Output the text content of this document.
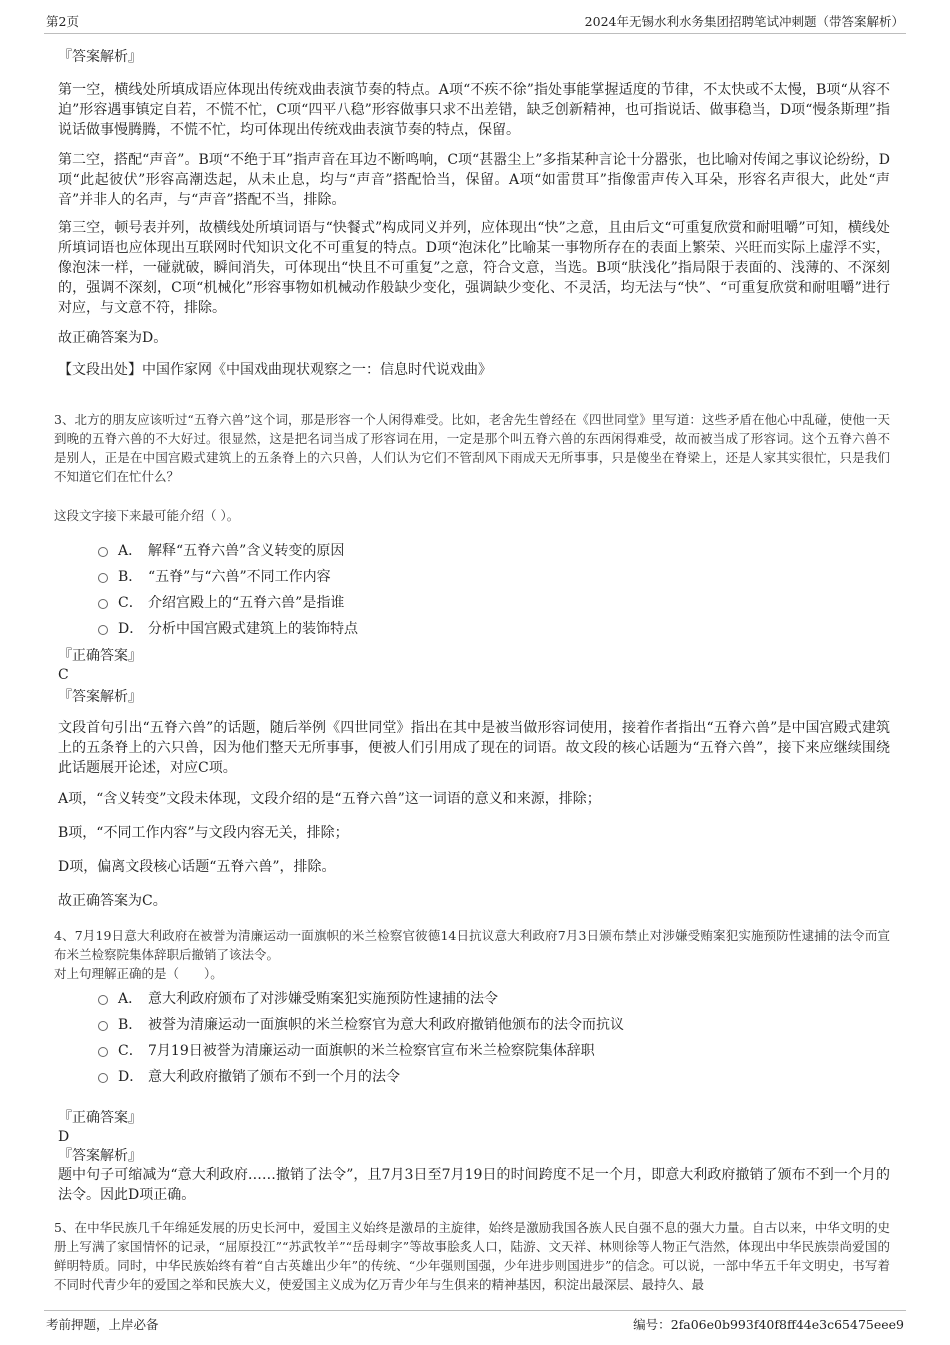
第2页	2024年无锡水利水务集团招聘笔试冲刺题（带答案解析）
『答案解析』
第一空，横线处所填成语应体现出传统戏曲表演节奏的特点。A项“不疾不徐”指处事能掌握适度的节律，不太快或不太慢，B项“从容不迫”形容遇事镇定自若，不慌不忙，C项“四平八稳”形容做事只求不出差错，缺乏创新精神，也可指说话、做事稳当，D项“慢条斯理”指说话做事慢腾腾，不慌不忙，均可体现出传统戏曲表演节奏的特点，保留。
第二空，搭配“声音”。B项“不绝于耳”指声音在耳边不断鸣响，C项“甚嚣尘上”多指某种言论十分嚣张，也比喻对传闻之事议论纷纷，D项“此起彼伏”形容高潮迭起，从未止息，均与“声音”搭配恰当，保留。A项“如雷贯耳”指像雷声传入耳朵，形容名声很大，此处“声音”并非人的名声，与“声音”搭配不当，排除。
第三空，顿号表并列，故横线处所填词语与“快餐式”构成同义并列，应体现出“快”之意，且由后文“可重复欣赏和耐咀嚼”可知，横线处所填词语也应体现出互联网时代知识文化不可重复的特点。D项“泡沫化”比喻某一事物所存在的表面上繁荣、兴旺而实际上虚浮不实，像泡沫一样，一碰就破，瞬间消失，可体现出“快且不可重复”之意，符合文意，当选。B项“肤浅化”指局限于表面的、浅薄的、不深刻的，强调不深刻，C项“机械化”形容事物如机械动作般缺少变化，强调缺少变化、不灵活，均无法与“快”、“可重复欣赏和耐咀嚼”进行对应，与文意不符，排除。
故正确答案为D。
【文段出处】中国作家网《中国戏曲现状观察之一：信息时代说戏曲》
3、北方的朋友应该听过“五脊六兽”这个词，那是形容一个人闲得难受。比如，老舍先生曾经在《四世同堂》里写道：这些矛盾在他心中乱碰，使他一天到晚的五脊六兽的不大好过。很显然，这是把名词当成了形容词在用，一定是那个叫五脊六兽的东西闲得难受，故而被当成了形容词。这个五脊六兽不是别人，正是在中国宫殿式建筑上的五条脊上的六只兽，人们认为它们不管刮风下雨成天无所事事，只是傻坐在脊梁上，还是人家其实很忙，只是我们不知道它们在忙什么？
这段文字接下来最可能介绍（ ）。
A． 解释“五脊六兽”含义转变的原因
B． “五脊”与“六兽”不同工作内容
C． 介绍宫殿上的“五脊六兽”是指谁
D． 分析中国宫殿式建筑上的装饰特点
『正确答案』
C
『答案解析』
文段首句引出“五脊六兽”的话题，随后举例《四世同堂》指出在其中是被当做形容词使用，接着作者指出“五脊六兽”是中国宫殿式建筑上的五条脊上的六只兽，因为他们整天无所事事，便被人们引用成了现在的词语。故文段的核心话题为“五脊六兽”，接下来应继续围绕此话题展开论述，对应C项。
A项，“含义转变”文段未体现，文段介绍的是“五脊六兽”这一词语的意义和来源，排除；
B项，“不同工作内容”与文段内容无关，排除；
D项，偏离文段核心话题“五脊六兽”，排除。
故正确答案为C。
4、7月19日意大利政府在被誉为清廉运动一面旗帜的米兰检察官彼德14日抗议意大利政府7月3日颁布禁止对涉嫌受贿案犯实施预防性逮捕的法令而宣布米兰检察院集体辞职后撤销了该法令。
对上句理解正确的是（　　）。
A． 意大利政府颁布了对涉嫌受贿案犯实施预防性逮捕的法令
B． 被誉为清廉运动一面旗帜的米兰检察官为意大利政府撤销他颁布的法令而抗议
C． 7月19日被誉为清廉运动一面旗帜的米兰检察官宣布米兰检察院集体辞职
D． 意大利政府撤销了颁布不到一个月的法令
『正确答案』
D
『答案解析』
题中句子可缩减为“意大利政府……撤销了法令”，且7月3日至7月19日的时间跨度不足一个月，即意大利政府撤销了颁布不到一个月的法令。因此D项正确。
5、在中华民族几千年绵延发展的历史长河中，爱国主义始终是激昂的主旋律，始终是激励我国各族人民自强不息的强大力量。自古以来，中华文明的史册上写满了家国情怀的记录，“屈原投江”“苏武牧羊”“岳母刺字”等故事脍炙人口，陆游、文天祥、林则徐等人物正气浩然，体现出中华民族崇尚爱国的鲜明特质。同时，中华民族始终有着“自古英雄出少年”的传统、“少年强则国强，少年进步则国进步”的信念。可以说，一部中华五千年文明史，书写着不同时代青少年的爱国之举和民族大义，使爱国主义成为亿万青少年与生俱来的精神基因，积淀出最深层、最持久、最
考前押题，上岸必备	编号：2fa06e0b993f40f8ff44e3c65475eee9
